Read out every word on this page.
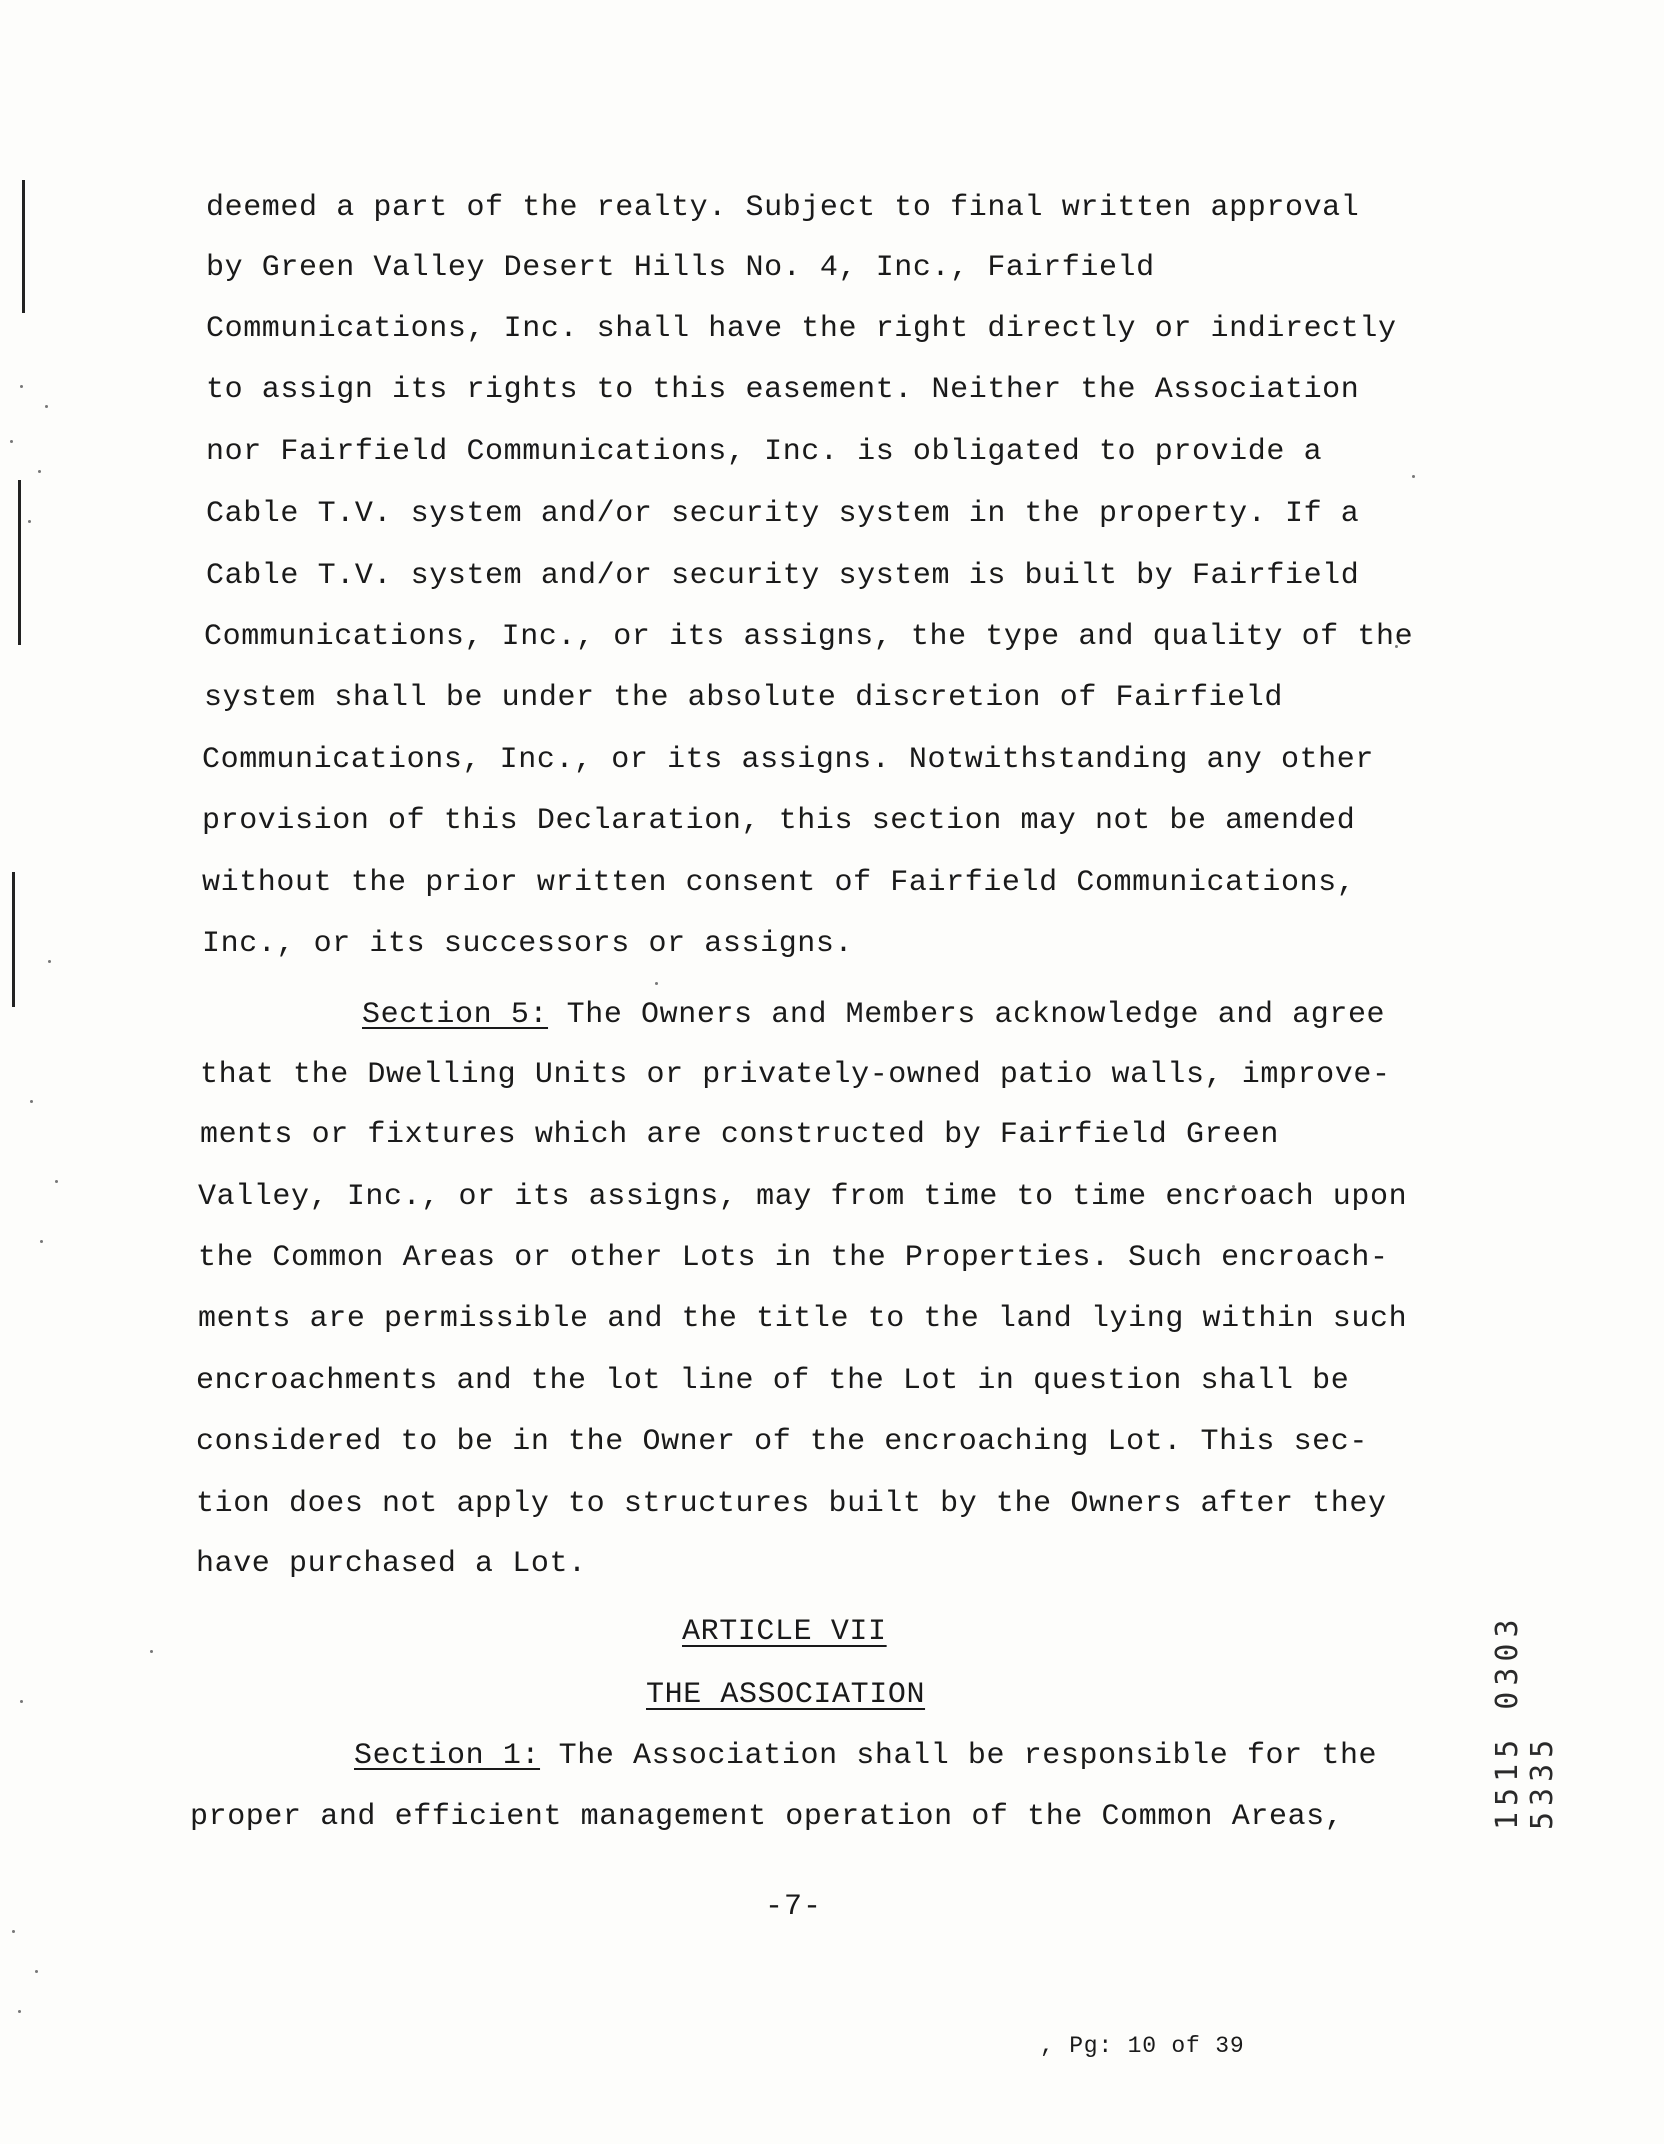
deemed a part of the realty. Subject to final written approval
by Green Valley Desert Hills No. 4, Inc., Fairfield
Communications, Inc. shall have the right directly or indirectly
to assign its rights to this easement. Neither the Association
nor Fairfield Communications, Inc. is obligated to provide a
Cable T.V. system and/or security system in the property. If a
Cable T.V. system and/or security system is built by Fairfield
Communications, Inc., or its assigns, the type and quality of the
system shall be under the absolute discretion of Fairfield
Communications, Inc., or its assigns. Notwithstanding any other
provision of this Declaration, this section may not be amended
without the prior written consent of Fairfield Communications,
Inc., or its successors or assigns.
Section 5: The Owners and Members acknowledge and agree
that the Dwelling Units or privately-owned patio walls, improve-
ments or fixtures which are constructed by Fairfield Green
Valley, Inc., or its assigns, may from time to time encroach upon
the Common Areas or other Lots in the Properties. Such encroach-
ments are permissible and the title to the land lying within such
encroachments and the lot line of the Lot in question shall be
considered to be in the Owner of the encroaching Lot. This sec-
tion does not apply to structures built by the Owners after they
have purchased a Lot.
ARTICLE VII
THE ASSOCIATION
Section 1: The Association shall be responsible for the
proper and efficient management operation of the Common Areas,
-7-
1515 0303 5335
, Pg: 10 of 39
